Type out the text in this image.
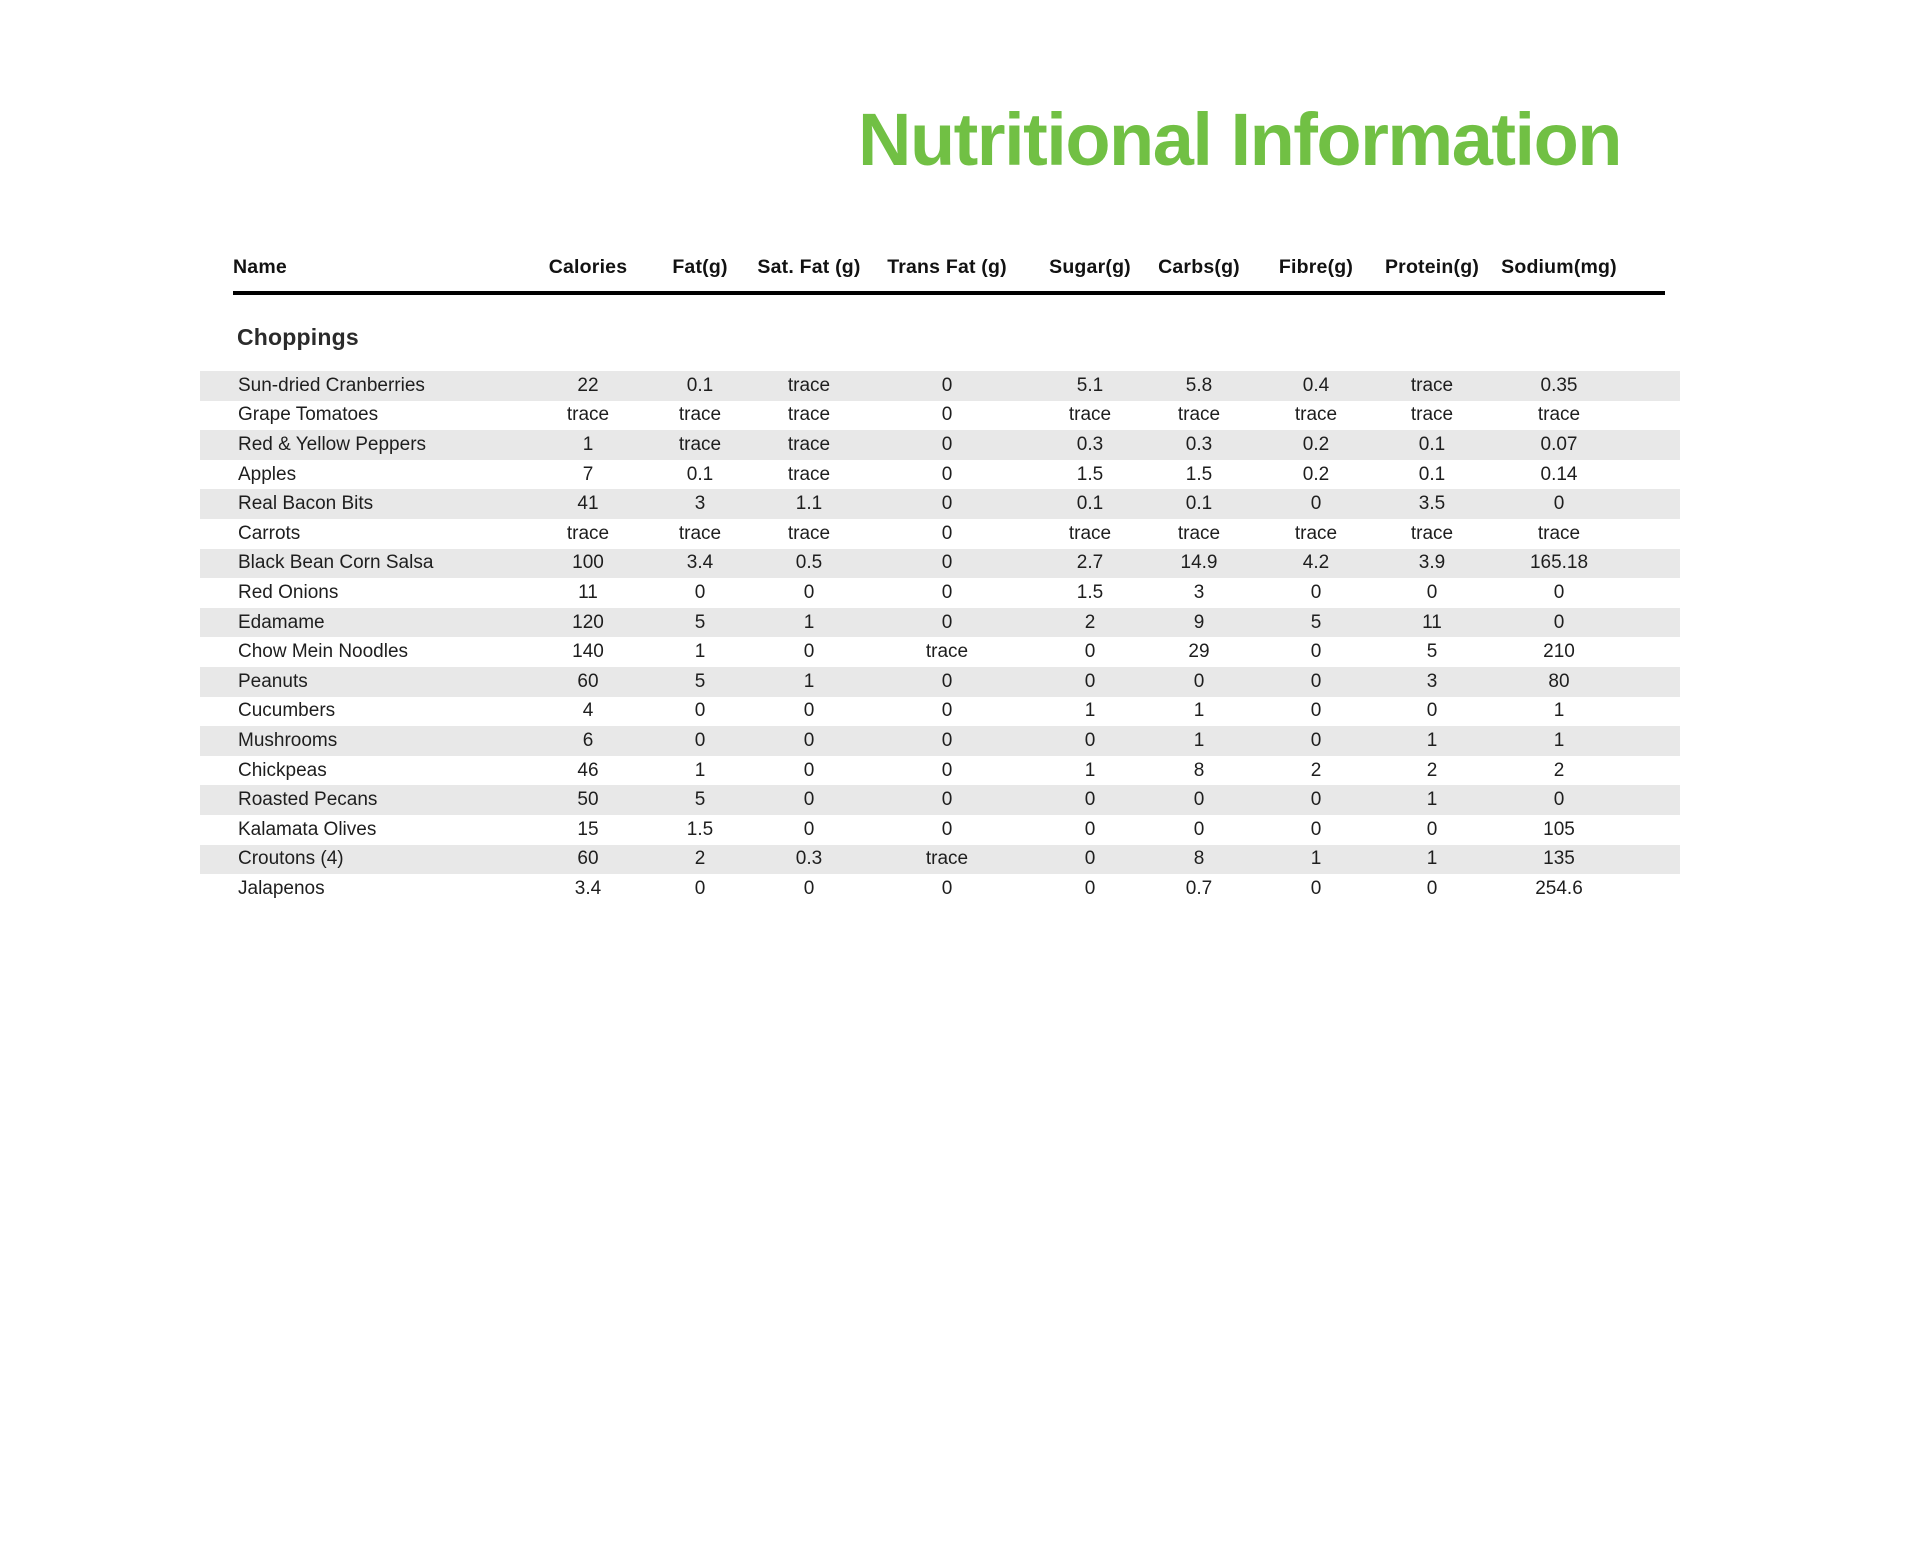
Nutritional Information
Name	Calories	Fat(g)	Sat. Fat (g)	Trans Fat (g)	Sugar(g)	Carbs(g)	Fibre(g)	Protein(g)	Sodium(mg)
Choppings
Sun-dried Cranberries	22	0.1	trace	0	5.1	5.8	0.4	trace	0.35
Grape Tomatoes	trace	trace	trace	0	trace	trace	trace	trace	trace
Red & Yellow Peppers	1	trace	trace	0	0.3	0.3	0.2	0.1	0.07
Apples	7	0.1	trace	0	1.5	1.5	0.2	0.1	0.14
Real Bacon Bits	41	3	1.1	0	0.1	0.1	0	3.5	0
Carrots	trace	trace	trace	0	trace	trace	trace	trace	trace
Black Bean Corn Salsa	100	3.4	0.5	0	2.7	14.9	4.2	3.9	165.18
Red Onions	11	0	0	0	1.5	3	0	0	0
Edamame	120	5	1	0	2	9	5	11	0
Chow Mein Noodles	140	1	0	trace	0	29	0	5	210
Peanuts	60	5	1	0	0	0	0	3	80
Cucumbers	4	0	0	0	1	1	0	0	1
Mushrooms	6	0	0	0	0	1	0	1	1
Chickpeas	46	1	0	0	1	8	2	2	2
Roasted Pecans	50	5	0	0	0	0	0	1	0
Kalamata Olives	15	1.5	0	0	0	0	0	0	105
Croutons (4)	60	2	0.3	trace	0	8	1	1	135
Jalapenos	3.4	0	0	0	0	0.7	0	0	254.6
